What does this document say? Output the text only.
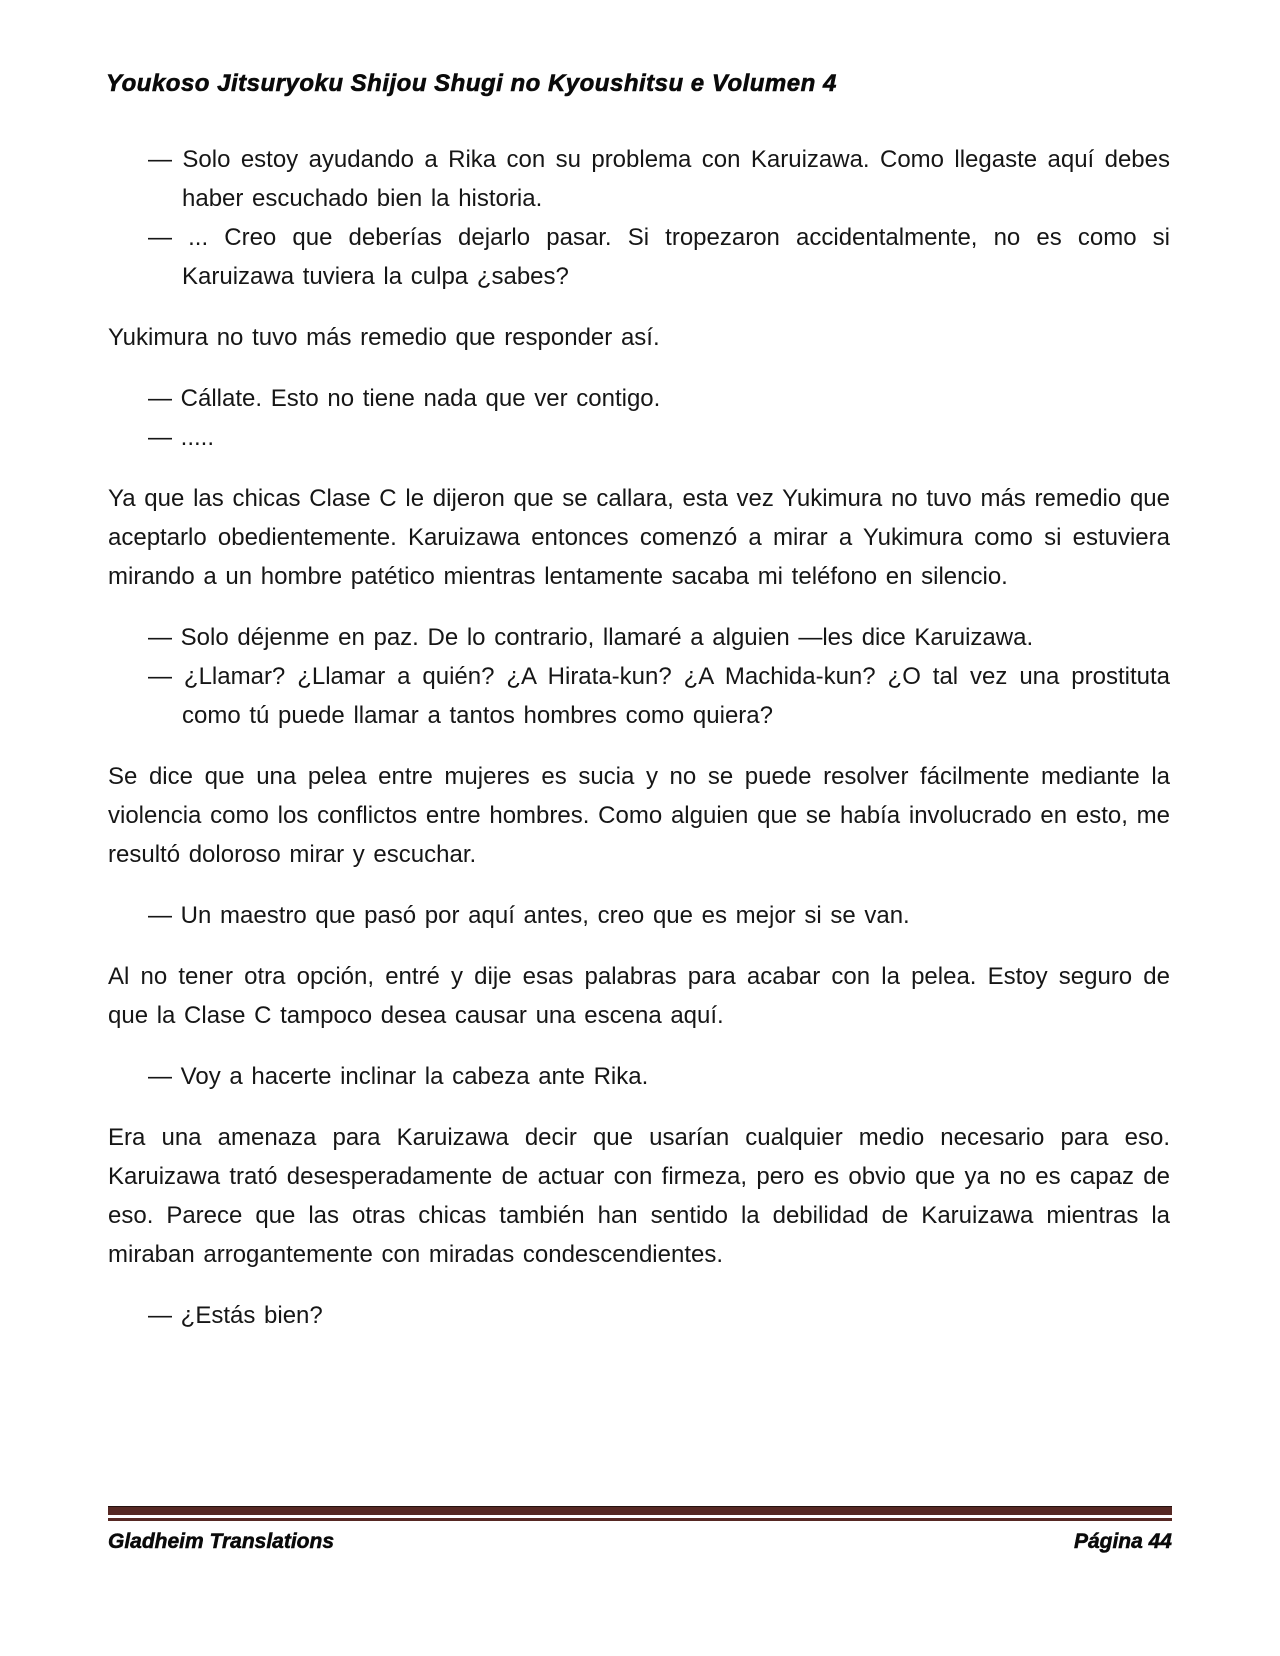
Youkoso Jitsuryoku Shijou Shugi no Kyoushitsu e Volumen 4

— Solo estoy ayudando a Rika con su problema con Karuizawa. Como llegaste aquí debes haber escuchado bien la historia.

— ... Creo que deberías dejarlo pasar. Si tropezaron accidentalmente, no es como si Karuizawa tuviera la culpa ¿sabes?

Yukimura no tuvo más remedio que responder así.

— Cállate. Esto no tiene nada que ver contigo.

— .....

Ya que las chicas Clase C le dijeron que se callara, esta vez Yukimura no tuvo más remedio que aceptarlo obedientemente. Karuizawa entonces comenzó a mirar a Yukimura como si estuviera mirando a un hombre patético mientras lentamente sacaba mi teléfono en silencio.

— Solo déjenme en paz. De lo contrario, llamaré a alguien —les dice Karuizawa.

— ¿Llamar? ¿Llamar a quién? ¿A Hirata-kun? ¿A Machida-kun? ¿O tal vez una prostituta como tú puede llamar a tantos hombres como quiera?

Se dice que una pelea entre mujeres es sucia y no se puede resolver fácilmente mediante la violencia como los conflictos entre hombres. Como alguien que se había involucrado en esto, me resultó doloroso mirar y escuchar.

— Un maestro que pasó por aquí antes, creo que es mejor si se van.

Al no tener otra opción, entré y dije esas palabras para acabar con la pelea. Estoy seguro de que la Clase C tampoco desea causar una escena aquí.

— Voy a hacerte inclinar la cabeza ante Rika.

Era una amenaza para Karuizawa decir que usarían cualquier medio necesario para eso. Karuizawa trató desesperadamente de actuar con firmeza, pero es obvio que ya no es capaz de eso. Parece que las otras chicas también han sentido la debilidad de Karuizawa mientras la miraban arrogantemente con miradas condescendientes.

— ¿Estás bien?

Gladheim Translations	Página 44
